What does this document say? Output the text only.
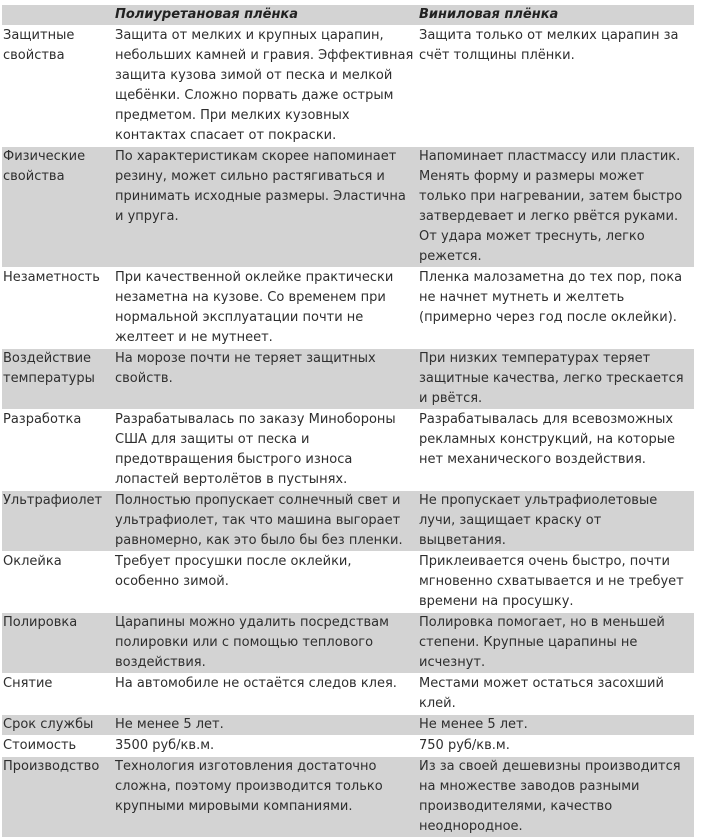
	Полиуретановая плёнка	Виниловая плёнка
Защитные свойства	Защита от мелких и крупных царапин, небольших камней и гравия. Эффективная защита кузова зимой от песка и мелкой щебёнки. Сложно порвать даже острым предметом. При мелких кузовных контактах спасает от покраски.	Защита только от мелких царапин за счёт толщины плёнки.
Физические свойства	По характеристикам скорее напоминает резину, может сильно растягиваться и принимать исходные размеры. Эластична и упруга.	Напоминает пластмассу или пластик. Менять форму и размеры может только при нагревании, затем быстро затвердевает и легко рвётся руками. От удара может треснуть, легко режется.
Незаметность	При качественной оклейке практически незаметна на кузове. Со временем при нормальной эксплуатации почти не желтеет и не мутнеет.	Пленка малозаметна до тех пор, пока не начнет мутнеть и желтеть (примерно через год после оклейки).
Воздействие температуры	На морозе почти не теряет защитных свойств.	При низких температурах теряет защитные качества, легко трескается и рвётся.
Разработка	Разрабатывалась по заказу Минобороны США для защиты от песка и предотвращения быстрого износа лопастей вертолётов в пустынях.	Разрабатывалась для всевозможных рекламных конструкций, на которые нет механического воздействия.
Ультрафиолет	Полностью пропускает солнечный свет и ультрафиолет, так что машина выгорает равномерно, как это было бы без пленки.	Не пропускает ультрафиолетовые лучи, защищает краску от выцветания.
Оклейка	Требует просушки после оклейки, особенно зимой.	Приклеивается очень быстро, почти мгновенно схватывается и не требует времени на просушку.
Полировка	Царапины можно удалить посредствам полировки или с помощью теплового воздействия.	Полировка помогает, но в меньшей степени. Крупные царапины не исчезнут.
Снятие	На автомобиле не остаётся следов клея.	Местами может остаться засохший клей.
Срок службы	Не менее 5 лет.	Не менее 5 лет.
Стоимость	3500 руб/кв.м.	750 руб/кв.м.
Производство	Технология изготовления достаточно сложна, поэтому производится только крупными мировыми компаниями.	Из за своей дешевизны производится на множестве заводов разными производителями, качество неоднородное.
